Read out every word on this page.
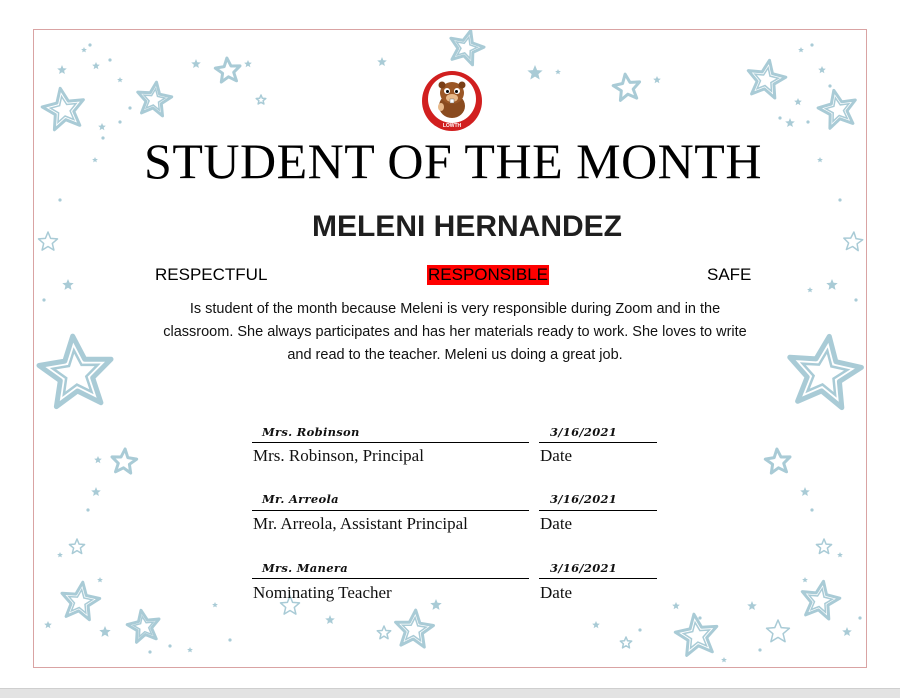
LOWTH
STUDENT OF THE MONTH
MELENI HERNANDEZ
RESPECTFUL	RESPONSIBLE	SAFE
Is student of the month because Meleni is very responsible during Zoom and in the
classroom. She always participates and has her materials ready to work. She loves to write
and read to the teacher. Meleni us doing a great job.
Mrs. Robinson
Mrs. Robinson, Principal
3/16/2021
Date
Mr. Arreola
Mr. Arreola, Assistant Principal
3/16/2021
Date
Mrs. Manera
Nominating Teacher
3/16/2021
Date
